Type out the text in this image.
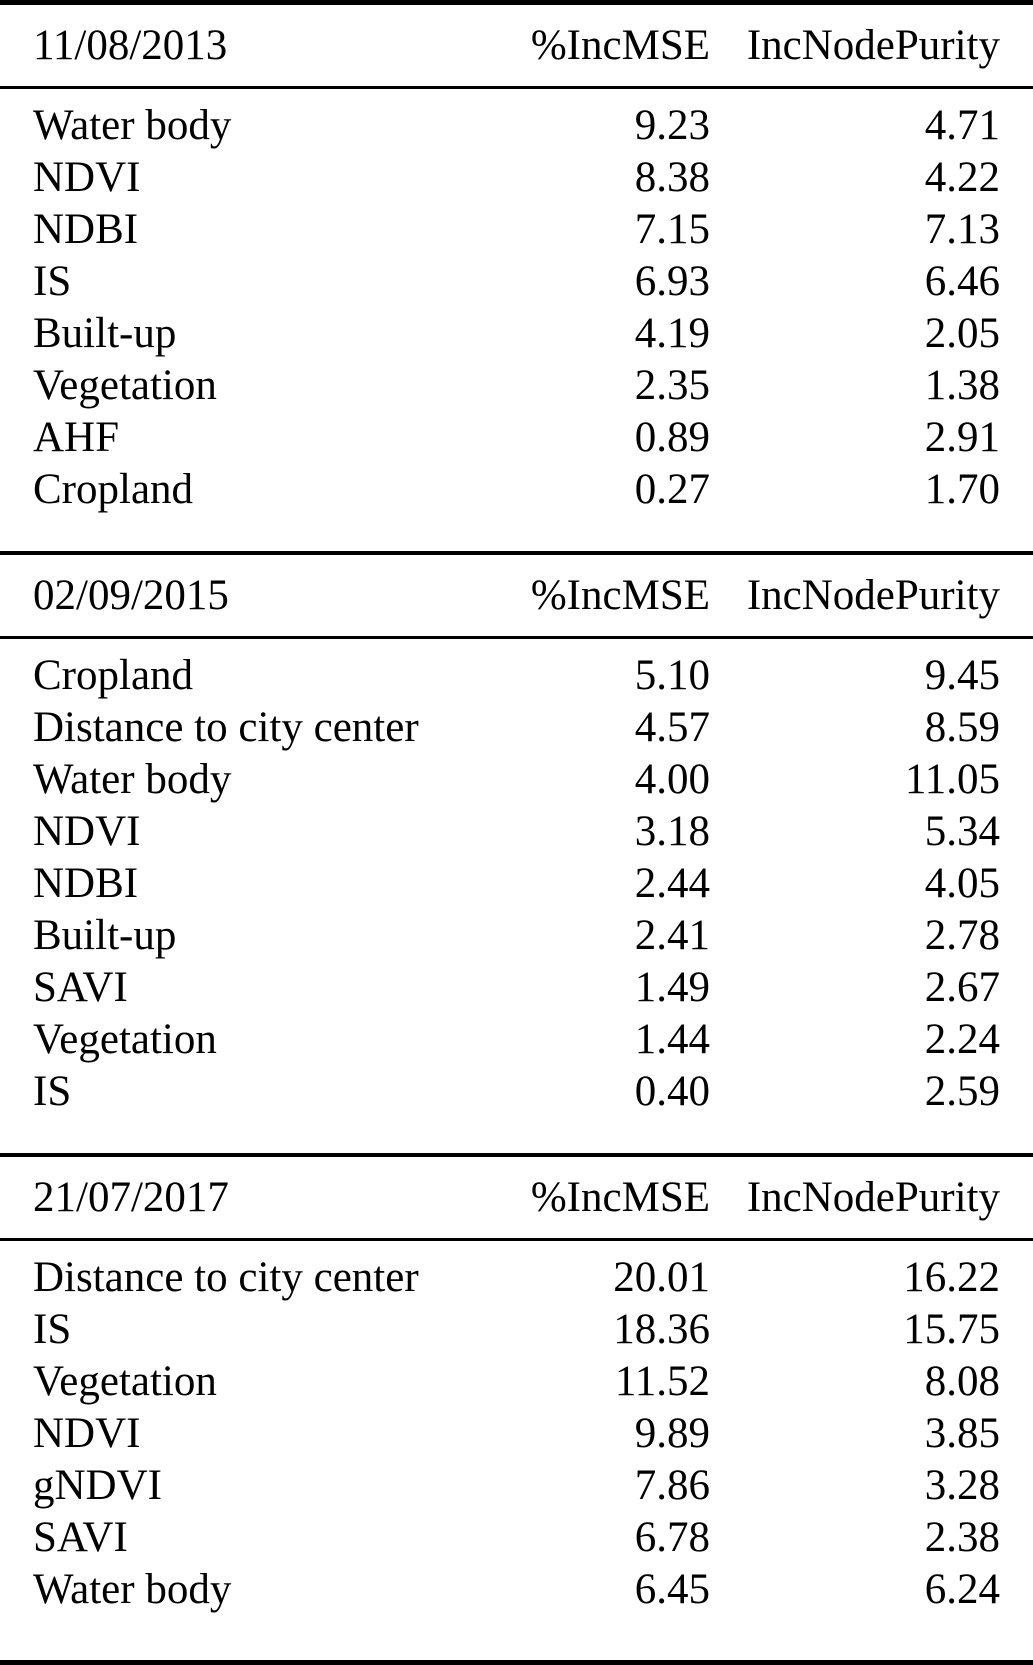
11/08/2013	%IncMSE IncNodePurity
Water body	9.23	4.71
NDVI	8.38	4.22
NDBI	7.15	7.13
IS	6.93	6.46
Built-up	4.19	2.05
Vegetation	2.35	1.38
AHF	0.89	2.91
Cropland	0.27	1.70
02/09/2015	%IncMSE IncNodePurity
Cropland	5.10	9.45
Distance to city center	4.57	8.59
Water body	4.00	11.05
NDVI	3.18	5.34
NDBI	2.44	4.05
Built-up	2.41	2.78
SAVI	1.49	2.67
Vegetation	1.44	2.24
IS	0.40	2.59
21/07/2017	%IncMSE IncNodePurity
Distance to city center	20.01	16.22
IS	18.36	15.75
Vegetation	11.52	8.08
NDVI	9.89	3.85
gNDVI	7.86	3.28
SAVI	6.78	2.38
Water body	6.45	6.24
